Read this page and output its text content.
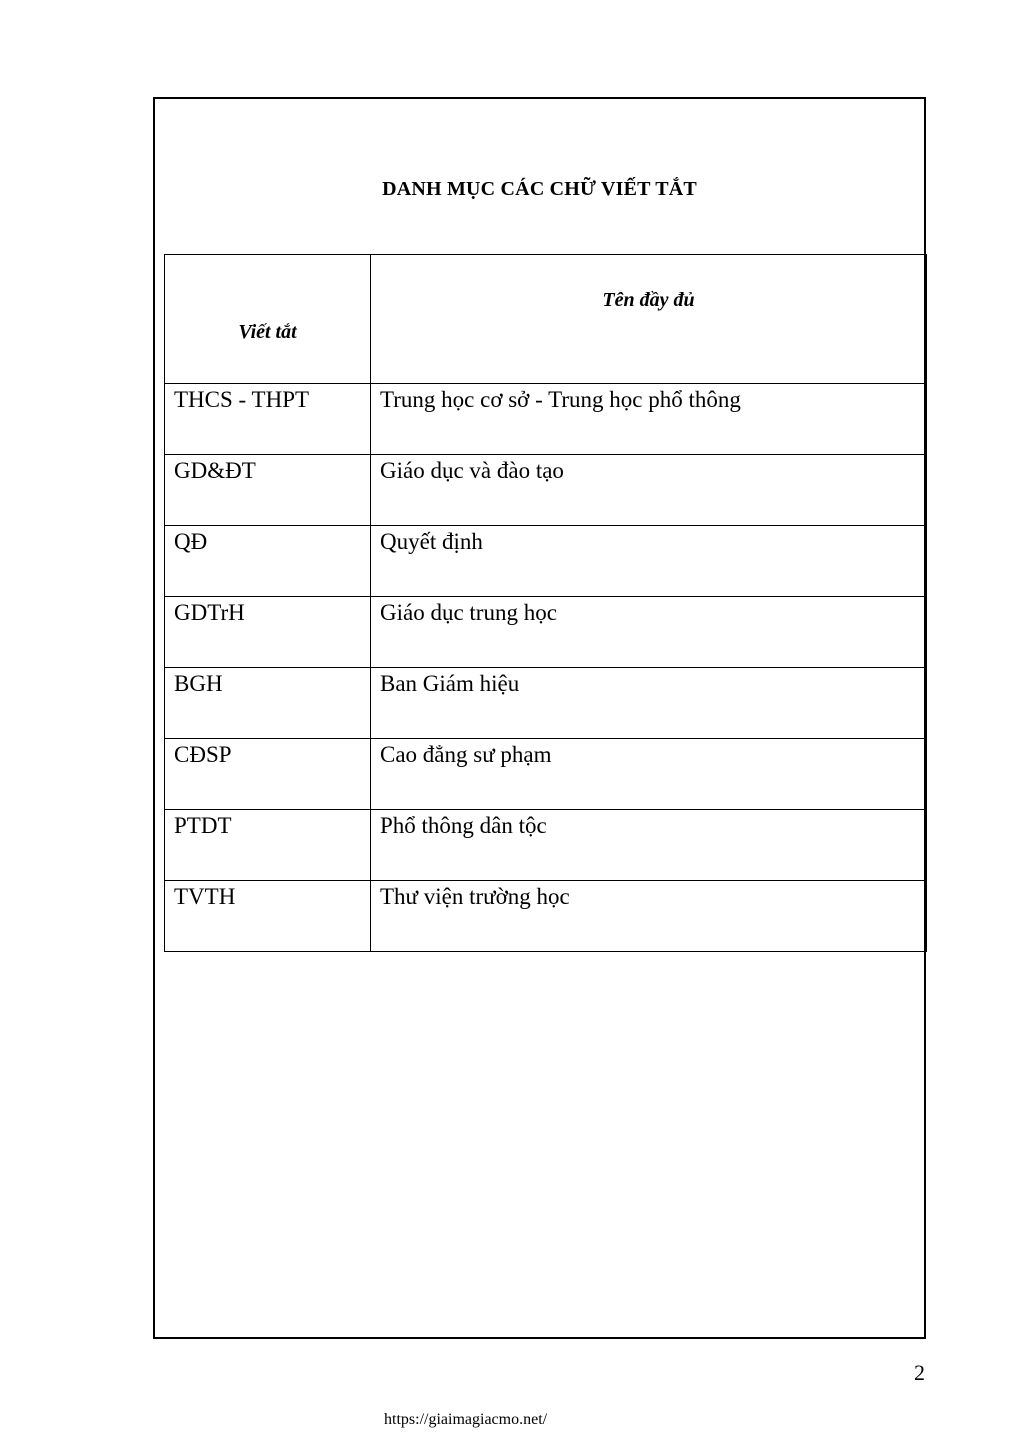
DANH MỤC CÁC CHỮ VIẾT TẮT
Viết tắt	Tên đầy đủ

THCS - THPT	Trung học cơ sở - Trung học phổ thông
GD&ĐT	Giáo dục và đào tạo
QĐ	Quyết định
GDTrH	Giáo dục trung học
BGH	Ban Giám hiệu
CĐSP	Cao đẳng sư phạm
PTDT	Phổ thông dân tộc
TVTH	Thư viện trường học
2
https://giaimagiacmo.net/
